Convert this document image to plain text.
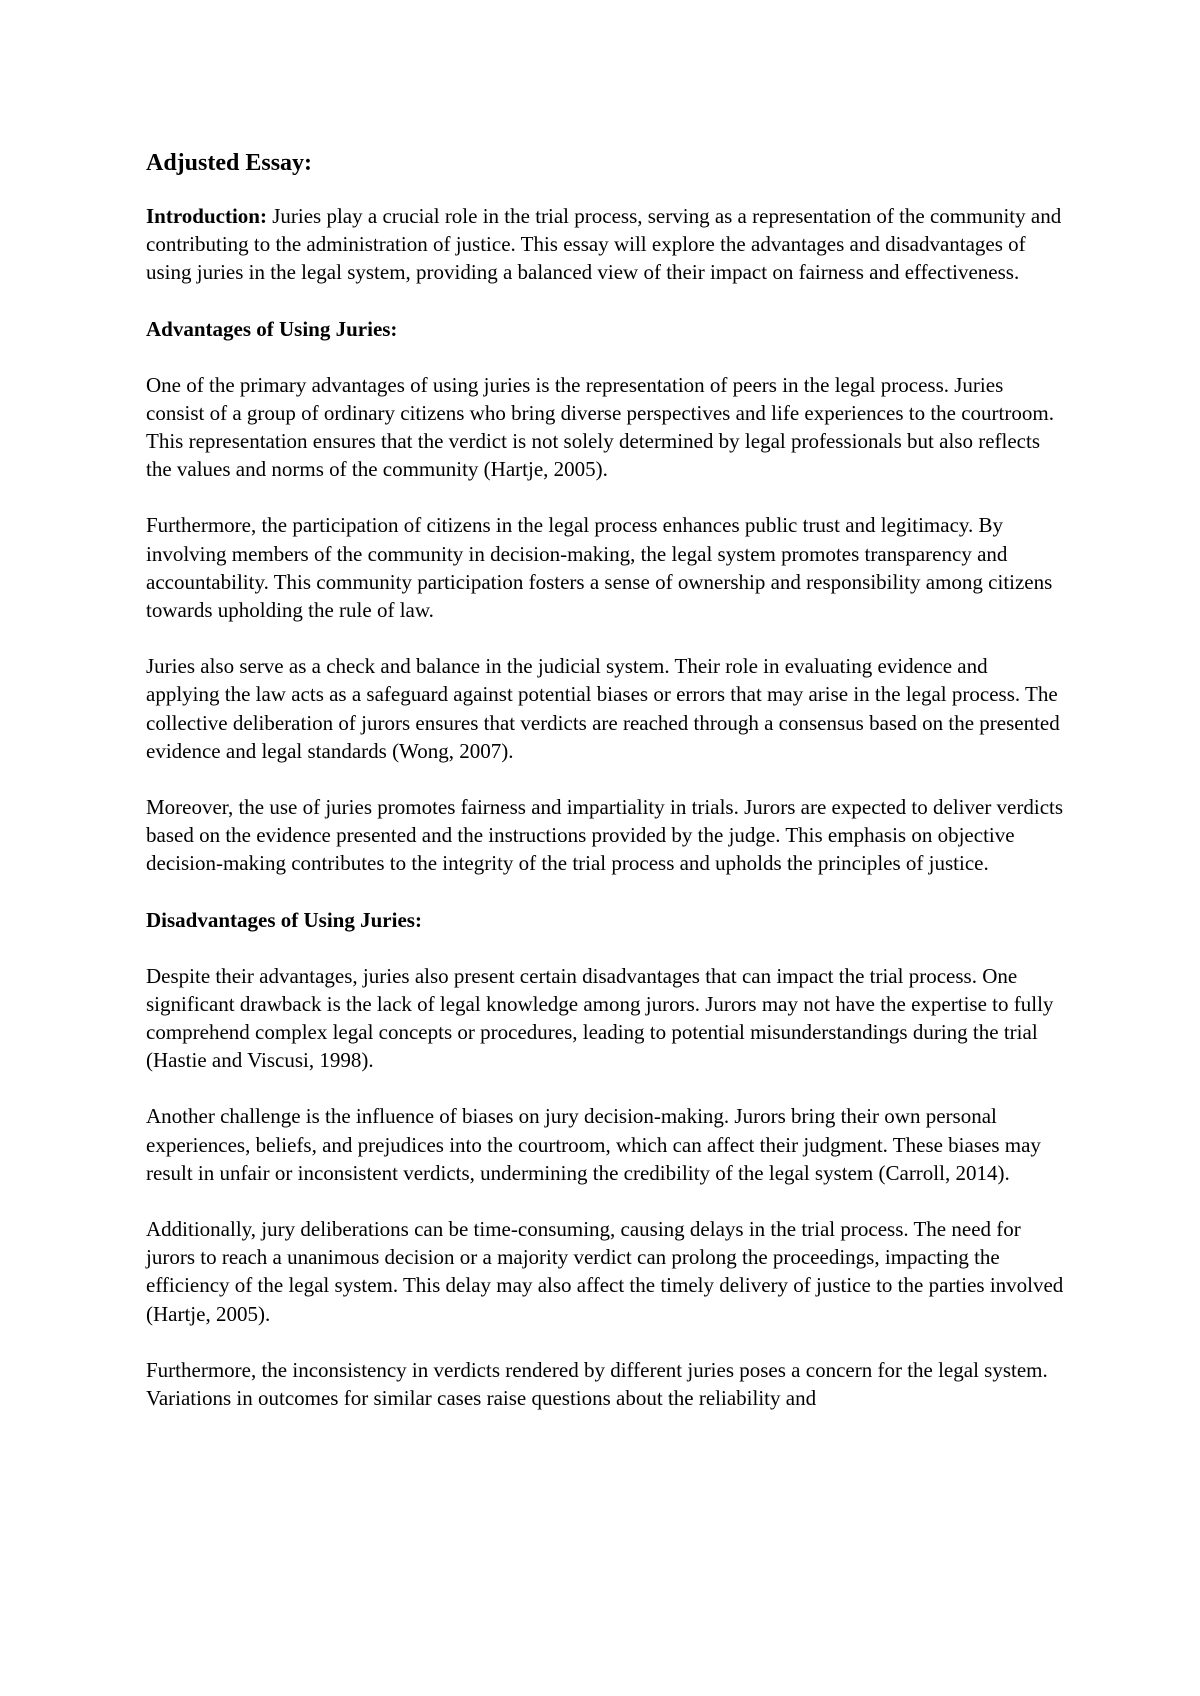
Adjusted Essay:

Introduction: Juries play a crucial role in the trial process, serving as a representation of the community and contributing to the administration of justice. This essay will explore the advantages and disadvantages of using juries in the legal system, providing a balanced view of their impact on fairness and effectiveness.

Advantages of Using Juries:

One of the primary advantages of using juries is the representation of peers in the legal process. Juries consist of a group of ordinary citizens who bring diverse perspectives and life experiences to the courtroom. This representation ensures that the verdict is not solely determined by legal professionals but also reflects the values and norms of the community (Hartje, 2005).

Furthermore, the participation of citizens in the legal process enhances public trust and legitimacy. By involving members of the community in decision-making, the legal system promotes transparency and accountability. This community participation fosters a sense of ownership and responsibility among citizens towards upholding the rule of law.

Juries also serve as a check and balance in the judicial system. Their role in evaluating evidence and applying the law acts as a safeguard against potential biases or errors that may arise in the legal process. The collective deliberation of jurors ensures that verdicts are reached through a consensus based on the presented evidence and legal standards (Wong, 2007).

Moreover, the use of juries promotes fairness and impartiality in trials. Jurors are expected to deliver verdicts based on the evidence presented and the instructions provided by the judge. This emphasis on objective decision-making contributes to the integrity of the trial process and upholds the principles of justice.

Disadvantages of Using Juries:

Despite their advantages, juries also present certain disadvantages that can impact the trial process. One significant drawback is the lack of legal knowledge among jurors. Jurors may not have the expertise to fully comprehend complex legal concepts or procedures, leading to potential misunderstandings during the trial (Hastie and Viscusi, 1998).

Another challenge is the influence of biases on jury decision-making. Jurors bring their own personal experiences, beliefs, and prejudices into the courtroom, which can affect their judgment. These biases may result in unfair or inconsistent verdicts, undermining the credibility of the legal system (Carroll, 2014).

Additionally, jury deliberations can be time-consuming, causing delays in the trial process. The need for jurors to reach a unanimous decision or a majority verdict can prolong the proceedings, impacting the efficiency of the legal system. This delay may also affect the timely delivery of justice to the parties involved (Hartje, 2005).

Furthermore, the inconsistency in verdicts rendered by different juries poses a concern for the legal system. Variations in outcomes for similar cases raise questions about the reliability and
